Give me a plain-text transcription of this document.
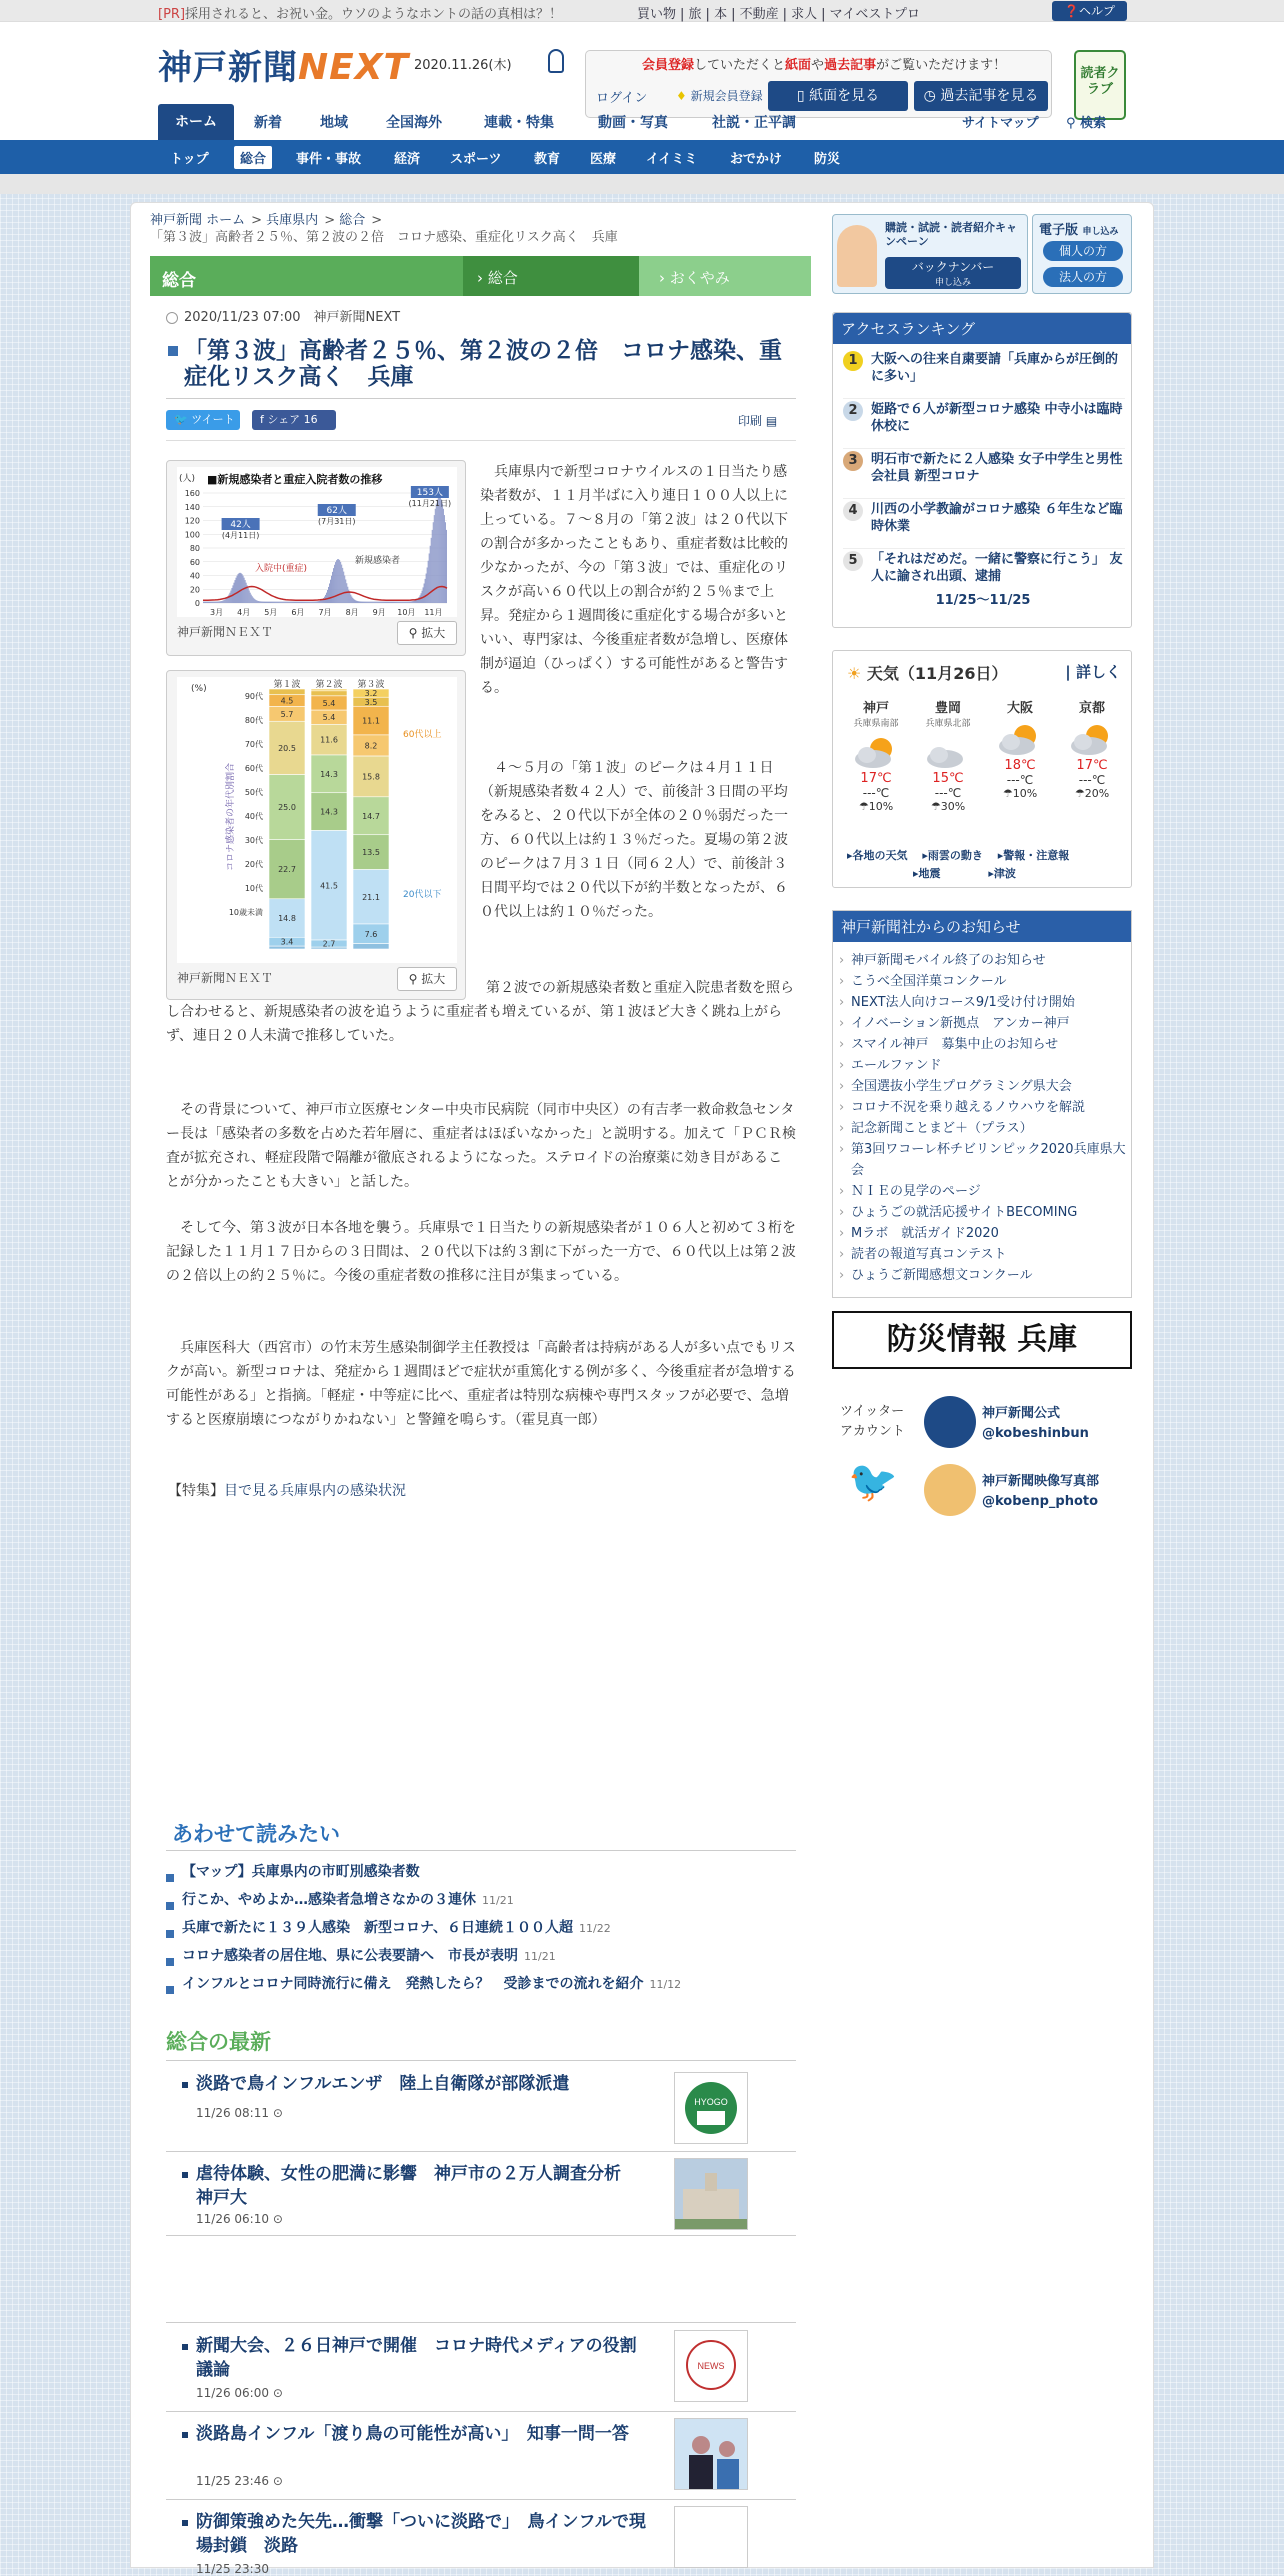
[PR]採用されると、お祝い金。ウソのようなホントの話の真相は？！	買い物 | 旅 | 本 | 不動産 | 求人 | マイベストプロ	❓ヘルプ
神戸新聞NEXT 2020.11.26(木)	会員登録していただくと紙面や過去記事がご覧いただけます！
ログイン ♦ 新規会員登録	▯ 紙面を見る	◷ 過去記事を見る
読者クラブ
ホーム	新着	地域	全国海外	連載・特集	動画・写真	社説・正平調	サイトマップ ⚲ 検索
トップ	総合	事件・事故	経済 スポーツ	教育 医療 イイミミ	おでかけ 防災
神戸新聞 ホーム > 兵庫県内 > 総合 >
「第３波」高齢者２５％、第２波の２倍　コロナ感染、重症化リスク高く　兵庫
総合	› 総合	› おくやみ
2020/11/23 07:00　 神戸新聞NEXT
「第３波」高齢者２５％、第２波の２倍　コロナ感染、重症化リスク高く　兵庫
🐦 ツイート	f シェア 16	印刷 ▤
■新規感染者と重症入院者数の推移
(人)
0
20
40
60
80
100
120
140
160
3月 4月 5月 6月 7月 8月 9月 10月 11月
42人
(4月11日)
62人
(7月31日)
153人
(11月21日)
入院中(重症)
新規感染者
神戸新聞ＮＥＸＴ	⚲ 拡大
(%)	第１波
4.5
5.7
20.5
25.0
22.7
14.8
3.4
第２波
5.4
5.4
11.6
14.3
14.3
41.5
2.7
第３波
3.2
3.5
11.1
8.2
15.8
14.7
13.5
21.1
7.6
90代
80代
70代
60代
50代
40代
30代
20代
10代
10歳未満
60代以上
20代以下
コロナ感染者の年代別割合
神戸新聞ＮＥＸＴ	⚲ 拡大

兵庫県内で新型コロナウイルスの１日当たり感染者数が、１１月半ばに入り連日１００人以上に上っている。７～８月の「第２波」は２０代以下の割合が多かったこともあり、重症者数は比較的少なかったが、今の「第３波」では、重症化のリスクが高い６０代以上の割合が約２５％まで上昇。発症から１週間後に重症化する場合が多いといい、専門家は、今後重症者数が急増し、医療体制が逼迫（ひっぱく）する可能性があると警告する。

４～５月の「第１波」のピークは４月１１日（新規感染者数４２人）で、前後計３日間の平均をみると、２０代以下が全体の２０％弱だった一方、６０代以上は約１３％だった。夏場の第２波のピークは７月３１日（同６２人）で、前後計３日間平均では２０代以下が約半数となったが、６０代以上は約１０％だった。

第２波での新規感染者数と重症入院患者数を照らし合わせると、新規感染者の波を追うように重症者も増えているが、第１波ほど大きく跳ね上がらず、連日２０人未満で推移していた。

その背景について、神戸市立医療センター中央市民病院（同市中央区）の有吉孝一救命救急センター長は「感染者の多数を占めた若年層に、重症者はほぼいなかった」と説明する。加えて「ＰＣＲ検査が拡充され、軽症段階で隔離が徹底されるようになった。ステロイドの治療薬に効き目があることが分かったことも大きい」と話した。

そして今、第３波が日本各地を襲う。兵庫県で１日当たりの新規感染者が１０６人と初めて３桁を記録した１１月１７日からの３日間は、２０代以下は約３割に下がった一方で、６０代以上は第２波の２倍以上の約２５％に。今後の重症者数の推移に注目が集まっている。

兵庫医科大（西宮市）の竹末芳生感染制御学主任教授は「高齢者は持病がある人が多い点でもリスクが高い。新型コロナは、発症から１週間ほどで症状が重篤化する例が多く、今後重症者が急増する可能性がある」と指摘。「軽症・中等症に比べ、重症者は特別な病棟や専門スタッフが必要で、急増すると医療崩壊につながりかねない」と警鐘を鳴らす。（霍見真一郎）

【特集】目で見る兵庫県内の感染状況
あわせて読みたい
【マップ】兵庫県内の市町別感染者数
行こか、やめよか…感染者急増さなかの３連休 11/21
兵庫で新たに１３９人感染　新型コロナ、６日連続１００人超 11/22
コロナ感染者の居住地、県に公表要請へ　市長が表明 11/21
インフルとコロナ同時流行に備え　発熱したら？　受診までの流れを紹介 11/12
総合の最新
淡路で鳥インフルエンザ　陸上自衛隊が部隊派遣
11/26 08:11 ⊙
HYOGO
虐待体験、女性の肥満に影響　神戸市の２万人調査分析　神戸大
11/26 06:10 ⊙
新聞大会、２６日神戸で開催　コロナ時代メディアの役割議論
11/26 06:00 ⊙
NEWS
淡路島インフル「渡り鳥の可能性が高い」　知事一問一答
11/25 23:46 ⊙
防御策強めた矢先…衝撃「ついに淡路で」　鳥インフルで現場封鎖　淡路
11/25 23:30
購読・試読・読者紹介キャンペーン
バックナンバー
申し込み
電子版 申し込み
個人の方
法人の方
アクセスランキング
1	大阪への往来自粛要請「兵庫からが圧倒的に多い」
2	姫路で６人が新型コロナ感染 中寺小は臨時休校に
3	明石市で新たに２人感染 女子中学生と男性会社員 新型コロナ
4	川西の小学教諭がコロナ感染 ６年生など臨時休業
5	「それはだめだ。一緒に警察に行こう」 友人に諭され出頭、逮捕
11/25～11/25
☀ 天気（11月26日）	| 詳しく
神戸
兵庫県南部
17℃
---℃
☂10%
豊岡
兵庫県北部
15℃
---℃
☂30%
大阪
18℃
---℃
☂10%
京都
17℃
---℃
☂20%
▸各地の天気　 ▸雨雲の動き　 ▸警報・注意報
▸地震　　　　	▸津波
神戸新聞社からのお知らせ
› 神戸新聞モバイル終了のお知らせ
› こうべ全国洋菓コンクール
› NEXT法人向けコース9/1受け付け開始
› イノベーション新拠点　アンカー神戸
› スマイル神戸　募集中止のお知らせ
› エールファンド
› 全国選抜小学生プログラミング県大会
› コロナ不況を乗り越えるノウハウを解説
› 記念新聞ことまど＋（プラス）
› 第3回ワコーレ杯チビリンピック2020兵庫県大会
› ＮＩＥの見学のページ
› ひょうごの就活応援サイトBECOMING
› Mラボ　就活ガイド2020
› 読者の報道写真コンテスト
› ひょうご新聞感想文コンクール
防災情報 兵庫
ツイッター
アカウント
🐦
神戸新聞公式
@kobeshinbun
神戸新聞映像写真部
@kobenp_photo
